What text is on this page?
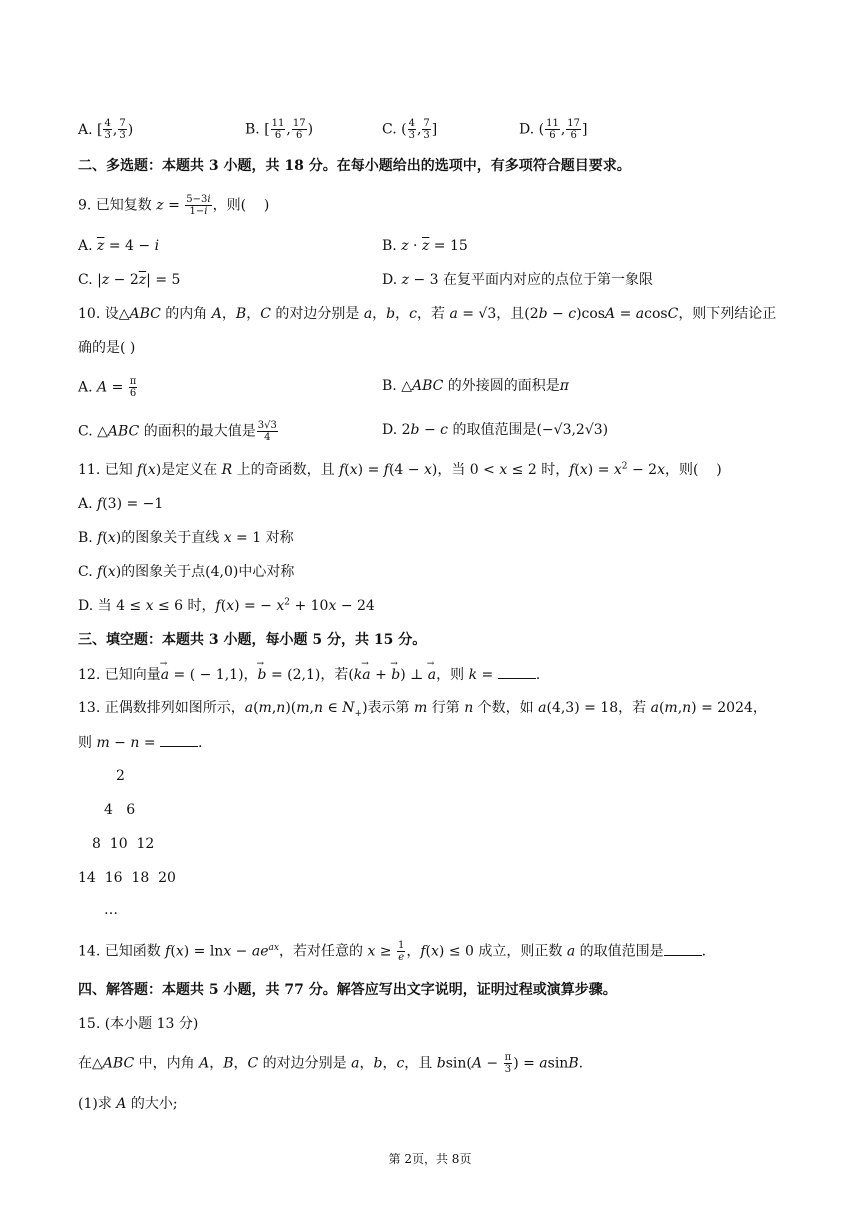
A. [ $\frac{4}{3}$ , $\frac{7}{3}$ )	B. [ $\frac{11}{6}$ , $\frac{17}{6}$ )	C. ( $\frac{4}{3}$ , $\frac{7}{3}$ ]	D. ( $\frac{11}{6}$ , $\frac{17}{6}$ ]
二、多选题：本题共 3 小题，共 18 分。在每小题给出的选项中，有多项符合题目要求。
9. 已知复数 $z = \frac{5-3i}{1-i}$ ，则(    )
A. $\overline{z} = 4 - i$	B. $z \cdot \overline{z} = 15$
C. $|z - 2\overline{z}| = 5$	D. z − 3 在复平面内对应的点位于第一象限
10. 设△ABC 的内角 A，B，C 的对边分别是 a，b，c，若 a = √3，且(2b − c)cosA = acosC，则下列结论正
确的是( )
A. $A = \frac{\pi}{6}$	B. △ABC 的外接圆的面积是π
C. △ABC 的面积的最大值是 $\frac{3√3}{4}$	D. 2b − c 的取值范围是(−√3,2√3)
11. 已知 f(x)是定义在 R 上的奇函数，且 f(x) = f(4 − x)，当 0 < x ≤ 2 时，$f(x) = x^2 - 2x$，则(    )
A. f(3) = −1
B. f(x)的图象关于直线 x = 1 对称
C. f(x)的图象关于点(4,0)中心对称
D. 当 4 ≤ x ≤ 6 时，f(x) = − $x^2 + 10x - 24$
三、填空题：本题共 3 小题，每小题 5 分，共 15 分。
12. 已知向量→ a = ( − 1,1)，→ b = (2,1)，若(k→ a + → b) ⊥ → a，则 k =	.
13. 正偶数排列如图所示，a(m,n)(m,n ∈ $N_+$)表示第 m 行第 n 个数，如 a(4,3) = 18，若 a(m,n) = 2024，
则 m − n =	.
2
4   6
8  10  12
14  16  18  20
…
14. 已知函数 $f(x) = \ln x - ae^{ax}$，若对任意的 $x \ge \frac{1}{e}$ ，f(x) ≤ 0 成立，则正数 a 的取值范围是	.
四、解答题：本题共 5 小题，共 77 分。解答应写出文字说明，证明过程或演算步骤。
15. (本小题 13 分)
在△ABC 中，内角 A，B，C 的对边分别是 a，b，c，且 $bsin(A - \frac{\pi}{3}$ ) = asinB.
(1)求 A 的大小;
第 2页，共 8页
